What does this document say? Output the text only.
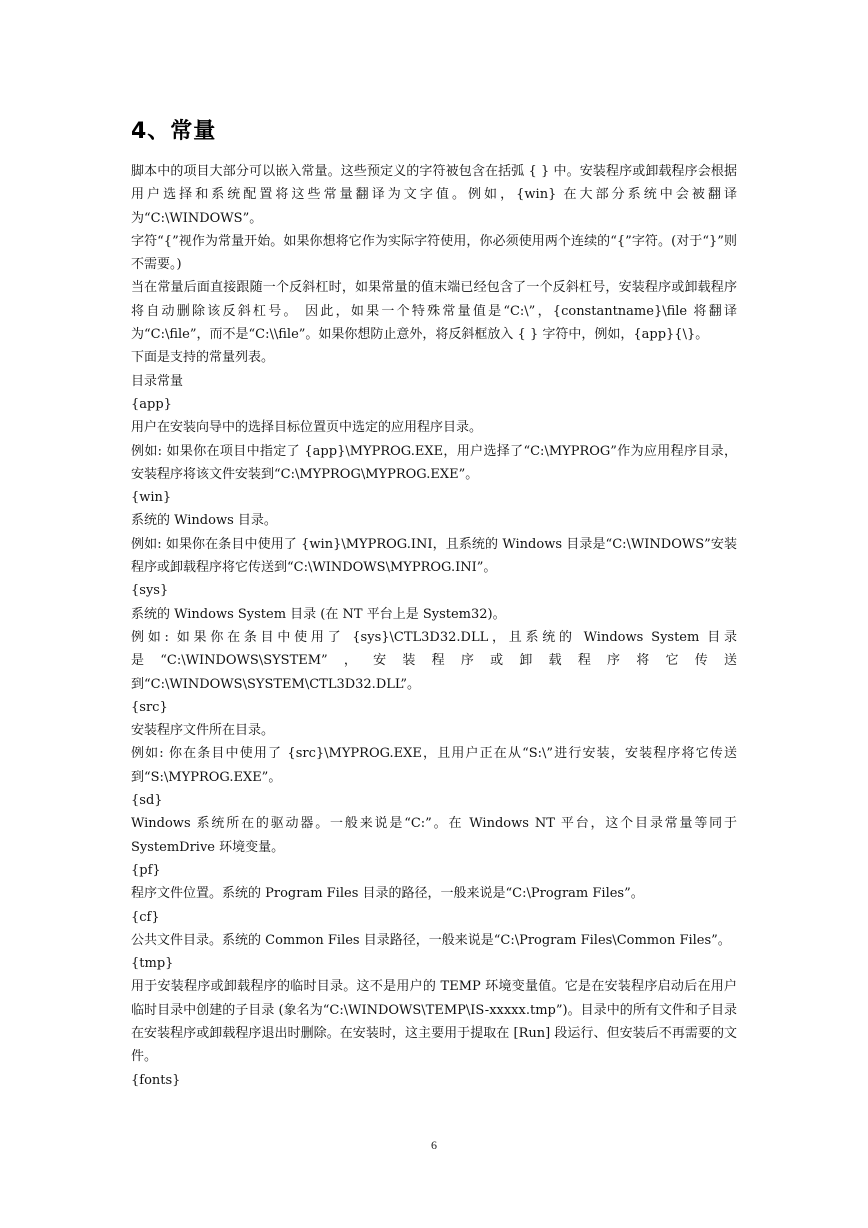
4、常量

脚本中的项目大部分可以嵌入常量。这些预定义的字符被包含在括弧 { } 中。安装程序或卸载程序会根据用户选择和系统配置将这些常量翻译为文字值。例如，{win} 在大部分系统中会被翻译为“C:\WINDOWS”。

字符“{”视作为常量开始。如果你想将它作为实际字符使用，你必须使用两个连续的“{”字符。(对于“}”则不需要。)

当在常量后面直接跟随一个反斜杠时，如果常量的值末端已经包含了一个反斜杠号，安装程序或卸载程序将自动删除该反斜杠号。 因此，如果一个特殊常量值是“C:\”，{constantname}\file 将翻译为“C:\file”，而不是“C:\\file”。如果你想防止意外，将反斜框放入 { } 字符中，例如，{app}{\}。

下面是支持的常量列表。

目录常量

{app}

用户在安装向导中的选择目标位置页中选定的应用程序目录。

例如: 如果你在项目中指定了 {app}\MYPROG.EXE，用户选择了“C:\MYPROG”作为应用程序目录，安装程序将该文件安装到“C:\MYPROG\MYPROG.EXE”。

{win}

系统的 Windows 目录。

例如: 如果你在条目中使用了 {win}\MYPROG.INI，且系统的 Windows 目录是“C:\WINDOWS”安装程序或卸载程序将它传送到“C:\WINDOWS\MYPROG.INI”。

{sys}

系统的 Windows System 目录 (在 NT 平台上是 System32)。

例如: 如果你在条目中使用了 {sys}\CTL3D32.DLL，且系统的 Windows System 目录是“C:\WINDOWS\SYSTEM”，安装程序或卸载程序将它传送到“C:\WINDOWS\SYSTEM\CTL3D32.DLL”。

{src}

安装程序文件所在目录。

例如: 你在条目中使用了 {src}\MYPROG.EXE，且用户正在从“S:\”进行安装，安装程序将它传送到“S:\MYPROG.EXE”。

{sd}

Windows 系统所在的驱动器。一般来说是“C:”。在 Windows NT 平台，这个目录常量等同于 SystemDrive 环境变量。

{pf}

程序文件位置。系统的 Program Files 目录的路径，一般来说是“C:\Program Files”。

{cf}

公共文件目录。系统的 Common Files 目录路径，一般来说是“C:\Program Files\Common Files”。

{tmp}

用于安装程序或卸载程序的临时目录。这不是用户的 TEMP 环境变量值。它是在安装程序启动后在用户临时目录中创建的子目录 (象名为“C:\WINDOWS\TEMP\IS-xxxxx.tmp”)。目录中的所有文件和子目录在安装程序或卸载程序退出时删除。在安装时，这主要用于提取在 [Run] 段运行、但安装后不再需要的文件。

{fonts}

6
